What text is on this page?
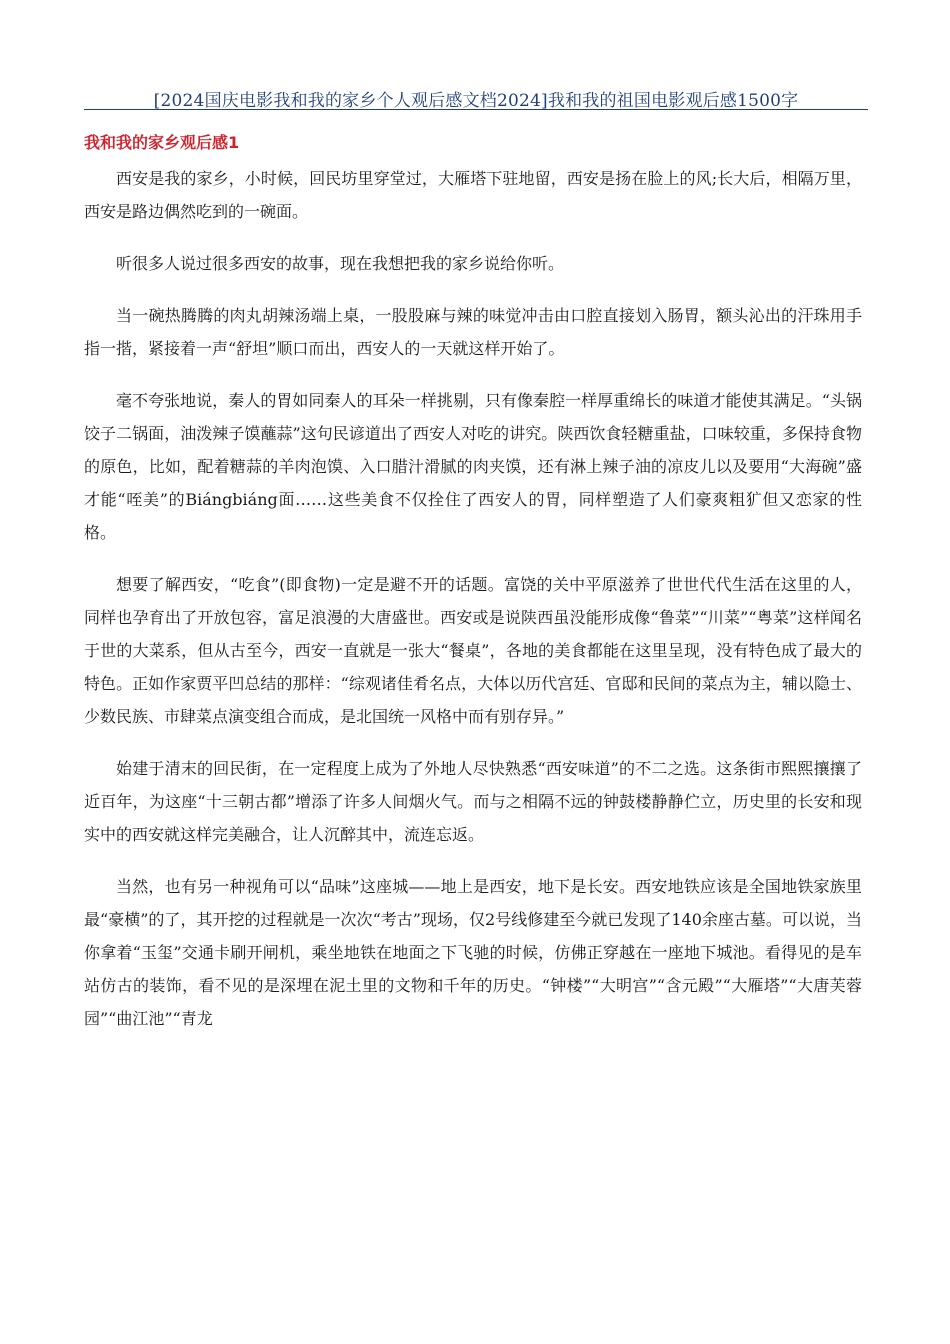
[2024国庆电影我和我的家乡个人观后感文档2024]我和我的祖国电影观后感1500字
我和我的家乡观后感1

西安是我的家乡，小时候，回民坊里穿堂过，大雁塔下驻地留，西安是扬在脸上的风;长大后，相隔万里，西安是路边偶然吃到的一碗面。

听很多人说过很多西安的故事，现在我想把我的家乡说给你听。

当一碗热腾腾的肉丸胡辣汤端上桌，一股股麻与辣的味觉冲击由口腔直接划入肠胃，额头沁出的汗珠用手指一揩，紧接着一声“舒坦”顺口而出，西安人的一天就这样开始了。

毫不夸张地说，秦人的胃如同秦人的耳朵一样挑剔，只有像秦腔一样厚重绵长的味道才能使其满足。“头锅饺子二锅面，油泼辣子馍蘸蒜”这句民谚道出了西安人对吃的讲究。陕西饮食轻糖重盐，口味较重，多保持食物的原色，比如，配着糖蒜的羊肉泡馍、入口腊汁滑腻的肉夹馍，还有淋上辣子油的凉皮儿以及要用“大海碗”盛才能“咥美”的Biángbiáng面……这些美食不仅拴住了西安人的胃，同样塑造了人们豪爽粗犷但又恋家的性格。

想要了解西安，“吃食”(即食物)一定是避不开的话题。富饶的关中平原滋养了世世代代生活在这里的人，同样也孕育出了开放包容，富足浪漫的大唐盛世。西安或是说陕西虽没能形成像“鲁菜”“川菜”“粤菜”这样闻名于世的大菜系，但从古至今，西安一直就是一张大“餐桌”，各地的美食都能在这里呈现，没有特色成了最大的特色。正如作家贾平凹总结的那样：“综观诸佳肴名点，大体以历代宫廷、官邸和民间的菜点为主，辅以隐士、少数民族、市肆菜点演变组合而成，是北国统一风格中而有别存异。”

始建于清末的回民街，在一定程度上成为了外地人尽快熟悉“西安味道”的不二之选。这条街市熙熙攘攘了近百年，为这座“十三朝古都”增添了许多人间烟火气。而与之相隔不远的钟鼓楼静静伫立，历史里的长安和现实中的西安就这样完美融合，让人沉醉其中，流连忘返。

当然，也有另一种视角可以“品味”这座城——地上是西安，地下是长安。西安地铁应该是全国地铁家族里最“豪横”的了，其开挖的过程就是一次次“考古”现场，仅2号线修建至今就已发现了140余座古墓。可以说，当你拿着“玉玺”交通卡刷开闸机，乘坐地铁在地面之下飞驰的时候，仿佛正穿越在一座地下城池。看得见的是车站仿古的装饰，看不见的是深埋在泥土里的文物和千年的历史。“钟楼”“大明宫”“含元殿”“大雁塔”“大唐芙蓉园”“曲江池”“青龙
